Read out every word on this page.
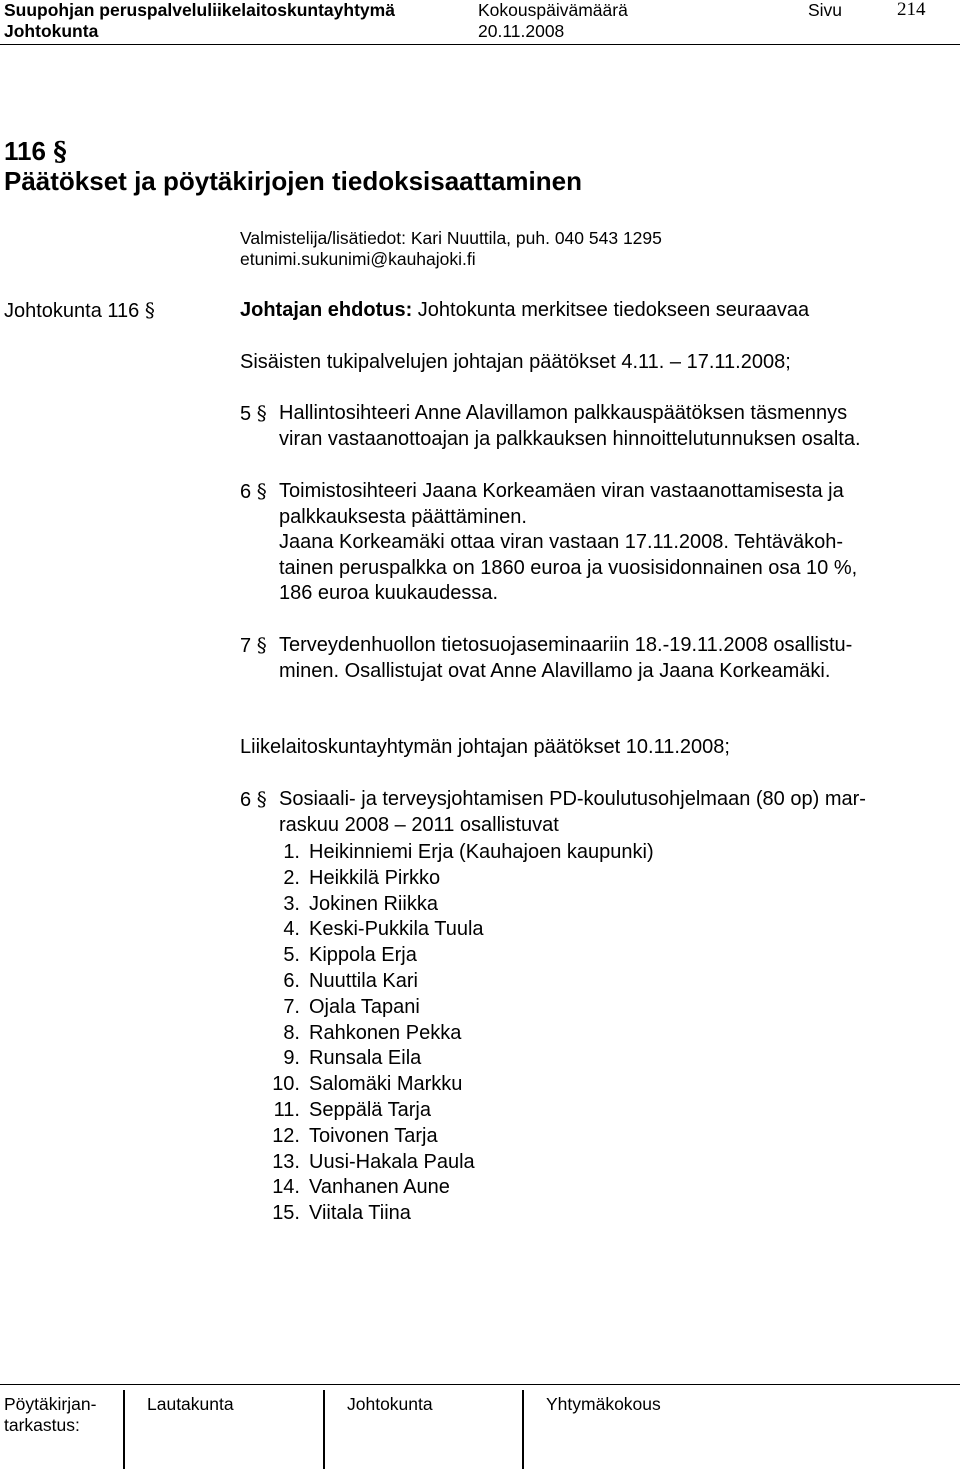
Suupohjan peruspalveluliikelaitoskuntayhtymä	Kokouspäivämäärä	Sivu	214
Johtokunta	20.11.2008
116 §
Päätökset ja pöytäkirjojen tiedoksisaattaminen
Valmistelija/lisätiedot: Kari Nuuttila, puh. 040 543 1295
etunimi.sukunimi@kauhajoki.fi
Johtokunta 116 §	Johtajan ehdotus: Johtokunta merkitsee tiedokseen seuraavaa
Sisäisten tukipalvelujen johtajan päätökset 4.11. – 17.11.2008;
5 § Hallintosihteeri Anne Alavillamon palkkauspäätöksen täsmennys
viran vastaanottoajan ja palkkauksen hinnoittelutunnuksen osalta.
6 § Toimistosihteeri Jaana Korkeamäen viran vastaanottamisesta ja
palkkauksesta päättäminen.
Jaana Korkeamäki ottaa viran vastaan 17.11.2008. Tehtäväkoh-
tainen peruspalkka on 1860 euroa ja vuosisidonnainen osa 10 %,
186 euroa kuukaudessa.
7 § Terveydenhuollon tietosuojaseminaariin 18.-19.11.2008 osallistu-
minen. Osallistujat ovat Anne Alavillamo ja Jaana Korkeamäki.
Liikelaitoskuntayhtymän johtajan päätökset 10.11.2008;
6 § Sosiaali- ja terveysjohtamisen PD-koulutusohjelmaan (80 op) mar-
raskuu 2008 – 2011 osallistuvat
1. Heikinniemi Erja (Kauhajoen kaupunki)
2. Heikkilä Pirkko
3. Jokinen Riikka
4. Keski-Pukkila Tuula
5. Kippola Erja
6. Nuuttila Kari
7. Ojala Tapani
8. Rahkonen Pekka
9. Runsala Eila
10. Salomäki Markku
11. Seppälä Tarja
12. Toivonen Tarja
13. Uusi-Hakala Paula
14. Vanhanen Aune
15. Viitala Tiina
Pöytäkirjan-
tarkastus:
Lautakunta	Johtokunta	Yhtymäkokous
